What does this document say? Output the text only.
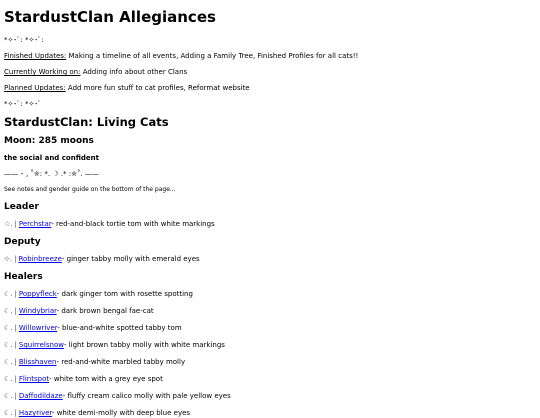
StardustClan Allegiances

*✧･ﾟ: *✧･ﾟ:

Finished Updates: Making a timeline of all events, Adding a Family Tree, Finished Profiles for all cats!!

Currently Working on: Adding info about other Clans

Planned Updates: Add more fun stuff to cat profiles, Reformat website

*✧･ﾟ: *✧･ﾟ

StardustClan: Living Cats
Moon: 285 moons
the social and confident

—— ･ , ˚✮: *. ☽ .* :✮˚. ——

See notes and gender guide on the bottom of the page...

Leader
☆. | Perchstar- red-and-black tortie tom with white markings
Deputy
⊹. | Robinbreeze- ginger tabby molly with emerald eyes
Healers
☾. | Poppyfleck- dark ginger tom with rosette spotting
☾. | Windybriar- dark brown bengal fae-cat
☾. | Willowriver- blue-and-white spotted tabby tom
☾. | Squirrelsnow- light brown tabby molly with white markings
☾. | Blisshaven- red-and-white marbled tabby molly
☾. | Flintspot- white tom with a grey eye spot
☾. | Daffodildaze- fluffy cream calico molly with pale yellow eyes
☾. | Hazyriver- white demi-molly with deep blue eyes
